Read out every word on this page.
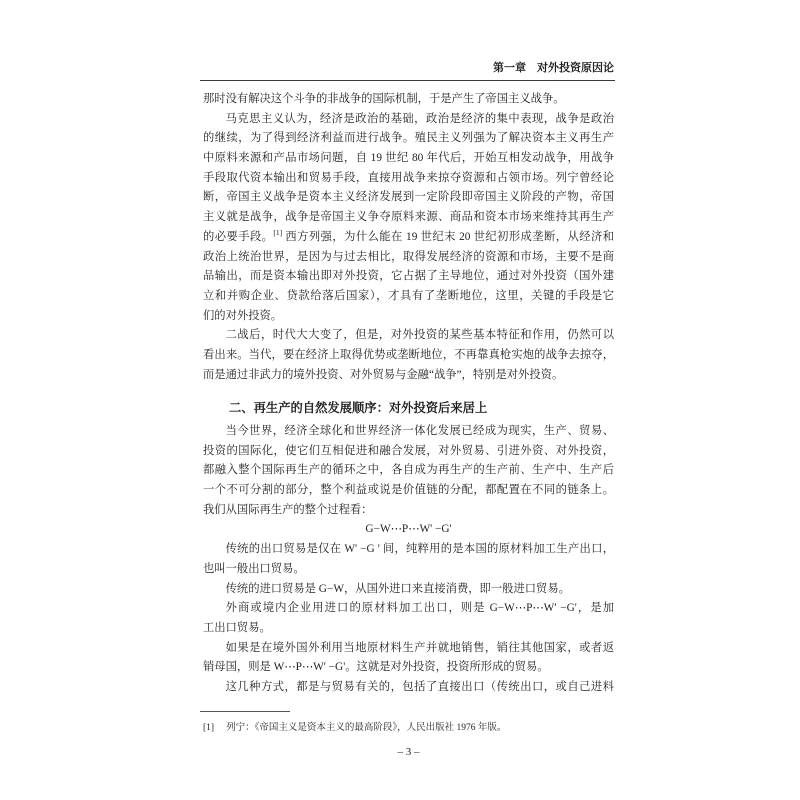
第一章　对外投资原因论
那时没有解决这个斗争的非战争的国际机制，于是产生了帝国主义战争。
马克思主义认为，经济是政治的基础，政治是经济的集中表现，战争是政治
的继续，为了得到经济利益而进行战争。殖民主义列强为了解决资本主义再生产
中原料来源和产品市场问题，自 19 世纪 80 年代后，开始互相发动战争，用战争
手段取代资本输出和贸易手段，直接用战争来掠夺资源和占领市场。列宁曾经论
断，帝国主义战争是资本主义经济发展到一定阶段即帝国主义阶段的产物，帝国
主义就是战争，战争是帝国主义争夺原料来源、商品和资本市场来维持其再生产
的必要手段。[1] 西方列强，为什么能在 19 世纪末 20 世纪初形成垄断，从经济和
政治上统治世界，是因为与过去相比，取得发展经济的资源和市场，主要不是商
品输出，而是资本输出即对外投资，它占据了主导地位，通过对外投资（国外建
立和并购企业、贷款给落后国家），才具有了垄断地位，这里，关键的手段是它
们的对外投资。
二战后，时代大大变了，但是，对外投资的某些基本特征和作用，仍然可以
看出来。当代，要在经济上取得优势或垄断地位，不再靠真枪实炮的战争去掠夺，
而是通过非武力的境外投资、对外贸易与金融“战争”，特别是对外投资。
二、再生产的自然发展顺序：对外投资后来居上
当今世界，经济全球化和世界经济一体化发展已经成为现实，生产、贸易、
投资的国际化，使它们互相促进和融合发展，对外贸易、引进外资、对外投资，
都融入整个国际再生产的循环之中，各自成为再生产的生产前、生产中、生产后
一个不可分割的部分，整个利益或说是价值链的分配，都配置在不同的链条上。
我们从国际再生产的整个过程看：
G−W⋯P⋯W' −G'
传统的出口贸易是仅在 W' −G ' 间，纯粹用的是本国的原材料加工生产出口，
也叫一般出口贸易。
传统的进口贸易是 G−W，从国外进口来直接消费，即一般进口贸易。
外商或境内企业用进口的原材料加工出口，则是 G−W⋯P⋯W' −G'，是加
工出口贸易。
如果是在境外国外利用当地原材料生产并就地销售，销往其他国家，或者返
销母国，则是 W⋯P⋯W' −G'。这就是对外投资，投资所形成的贸易。
这几种方式，都是与贸易有关的，包括了直接出口（传统出口，或自己进料
[1] 列宁：《帝国主义是资本主义的最高阶段》，人民出版社 1976 年版。
– 3 –
